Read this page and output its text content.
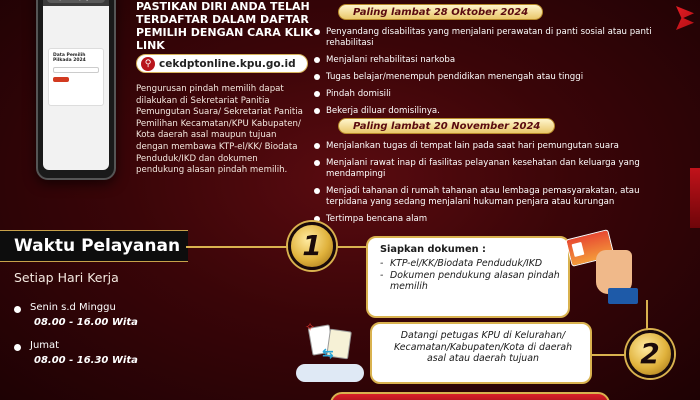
Data Pemilih Pilkada 2024
PASTIKAN DIRI ANDA TELAH TERDAFTAR DALAM DAFTAR PEMILIH DENGAN CARA KLIK LINK
⚲ cekdptonline.kpu.go.id
Pengurusan pindah memilih dapat dilakukan di Sekretariat Panitia Pemungutan Suara/ Sekretariat Panitia Pemilihan Kecamatan/KPU Kabupaten/ Kota daerah asal maupun tujuan dengan membawa KTP-el/KK/ Biodata Penduduk/IKD dan dokumen pendukung alasan pindah memilih.
Paling lambat 28 Oktober 2024
Penyandang disabilitas yang menjalani perawatan di panti sosial atau panti rehabilitasi
Menjalani rehabilitasi narkoba
Tugas belajar/menempuh pendidikan menengah atau tinggi
Pindah domisili
Bekerja diluar domisilinya.
Paling lambat 20 November 2024
Menjalankan tugas di tempat lain pada saat hari pemungutan suara
Menjalani rawat inap di fasilitas pelayanan kesehatan dan keluarga yang mendampingi
Menjadi tahanan di rumah tahanan atau lembaga pemasyarakatan, atau terpidana yang sedang menjalani hukuman penjara atau kurungan
Tertimpa bencana alam
Waktu Pelayanan
Setiap Hari Kerja
Senin s.d Minggu
08.00 - 16.00 Wita
Jumat
08.00 - 16.30 Wita
1	Siapkan dokumen :
- KTP-el/KK/Biodata Penduduk/IKD
- Dokumen pendukung alasan pindah memilih
✧
⇆
Datangi petugas KPU di Kelurahan/ Kecamatan/Kabupaten/Kota di daerah asal atau daerah tujuan	2
